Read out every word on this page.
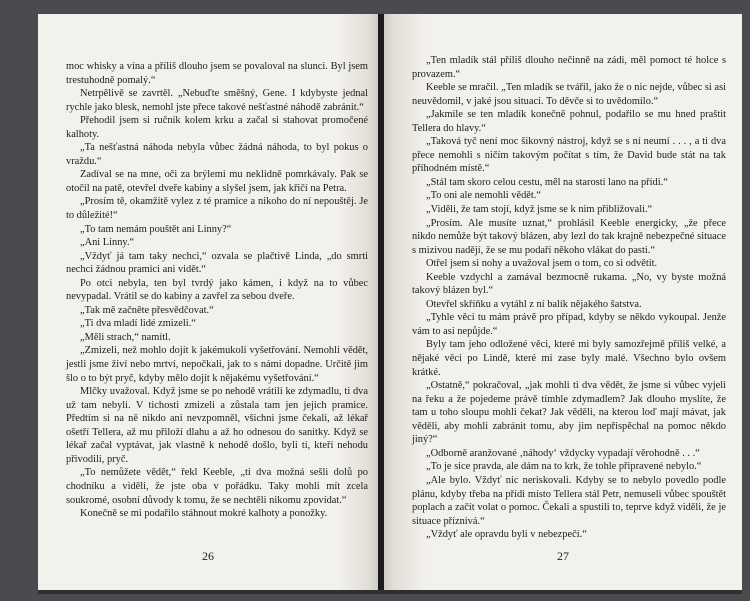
moc whisky a vína a příliš dlouho jsem se povaloval na slunci. Byl jsem trestuhodně pomalý.“

Netrpělivě se zavrtěl. „Nebuďte směšný, Gene. I kdybyste jednal rychle jako blesk, nemohl jste přece takové nešťastné náhodě zabránit.“

Přehodil jsem si ručník kolem krku a začal si stahovat promočené kalhoty.

„Ta nešťastná náhoda nebyla vůbec žádná náhoda, to byl pokus o vraždu.“

Zadíval se na mne, oči za brýlemi mu neklidně pomrkávaly. Pak se otočil na patě, otevřel dveře kabiny a slyšel jsem, jak křičí na Petra.

„Prosím tě, okamžitě vylez z té pramice a nikoho do ní nepouštěj. Je to důležité!“

„To tam nemám pouštět ani Linny?“

„Ani Linny.“

„Vždyť já tam taky nechci,“ ozvala se plačtivě Linda, „do smrti nechci žádnou pramici ani vidět.“

Po otci nebyla, ten byl tvrdý jako kámen, i když na to vůbec nevypadal. Vrátil se do kabiny a zavřel za sebou dveře.

„Tak mě začněte přesvědčovat.“

„Ti dva mladí lidé zmizeli.“

„Měli strach,“ namítl.

„Zmizeli, než mohlo dojít k jakémukoli vyšetřování. Nemohli vědět, jestli jsme živí nebo mrtví, nepočkali, jak to s námi dopadne. Určitě jim šlo o to být pryč, kdyby mělo dojít k nějakému vyšetřování.“

Mlčky uvažoval. Když jsme se po nehodě vrátili ke zdymadlu, ti dva už tam nebyli. V tichosti zmizeli a zůstala tam jen jejich pramice. Předtím si na ně nikdo ani nevzpomněl, všichni jsme čekali, až lékař ošetří Tellera, až mu přiloží dlahu a až ho odnesou do sanitky. Když se lékař začal vyptávat, jak vlastně k nehodě došlo, byli ti, kteří nehodu přivodili, pryč.

„To nemůžete vědět,“ řekl Keeble, „ti dva možná sešli dolů po chodníku a viděli, že jste oba v pořádku. Taky mohli mít zcela soukromé, osobní důvody k tomu, že se nechtěli nikomu zpovídat.“

Konečně se mi podařilo stáhnout mokré kalhoty a ponožky.

26

„Ten mladík stál příliš dlouho nečinně na zádi, měl pomoct té holce s provazem.“

Keeble se mračil. „Ten mladík se tvářil, jako že o nic nejde, vůbec si asi neuvědomil, v jaké jsou situaci. To děvče si to uvědomilo.“

„Jakmile se ten mladík konečně pohnul, podařilo se mu hned praštit Tellera do hlavy.“

„Taková tyč není moc šikovný nástroj, když se s ní neumí . . . , a ti dva přece nemohli s ničím takovým počítat s tím, že David bude stát na tak příhodném místě.“

„Stál tam skoro celou cestu, měl na starosti lano na přídi.“

„To oni ale nemohli vědět.“

„Viděli, že tam stojí, když jsme se k nim přibližovali.“

„Prosím. Ale musíte uznat,“ prohlásil Keeble energicky, „že přece nikdo nemůže být takový blázen, aby lezl do tak krajně nebezpečné situace s mizivou nadějí, že se mu podaří někoho vlákat do pasti.“

Otřel jsem si nohy a uvažoval jsem o tom, co si odvětit.

Keeble vzdychl a zamával bezmocně rukama. „No, vy byste možná takový blázen byl.“

Otevřel skříňku a vytáhl z ní balík nějakého šatstva.

„Tyhle věci tu mám právě pro případ, kdyby se někdo vykoupal. Jenže vám to asi nepůjde.“

Byly tam jeho odložené věci, které mi byly samozřejmě příliš velké, a nějaké věci po Lindě, které mi zase byly malé. Všechno bylo ovšem krátké.

„Ostatně,“ pokračoval, „jak mohli ti dva vědět, že jsme si vůbec vyjeli na řeku a že pojedeme právě tímhle zdymadlem? Jak dlouho myslíte, že tam u toho sloupu mohli čekat? Jak věděli, na kterou loď mají mávat, jak věděli, aby mohli zabránit tomu, aby jim nepřispěchal na pomoc někdo jiný?“

„Odborně aranžované ‚náhody‘ vždycky vypadají věrohodně . . .“

„To je sice pravda, ale dám na to krk, že tohle připravené nebylo.“

„Ale bylo. Vždyť nic neriskovali. Kdyby se to nebylo povedlo podle plánu, kdyby třeba na přídi místo Tellera stál Petr, nemuseli vůbec spouštět poplach a začít volat o pomoc. Čekali a spustili to, teprve když viděli, že je situace příznivá.“

„Vždyť ale opravdu byli v nebezpečí.“

27
